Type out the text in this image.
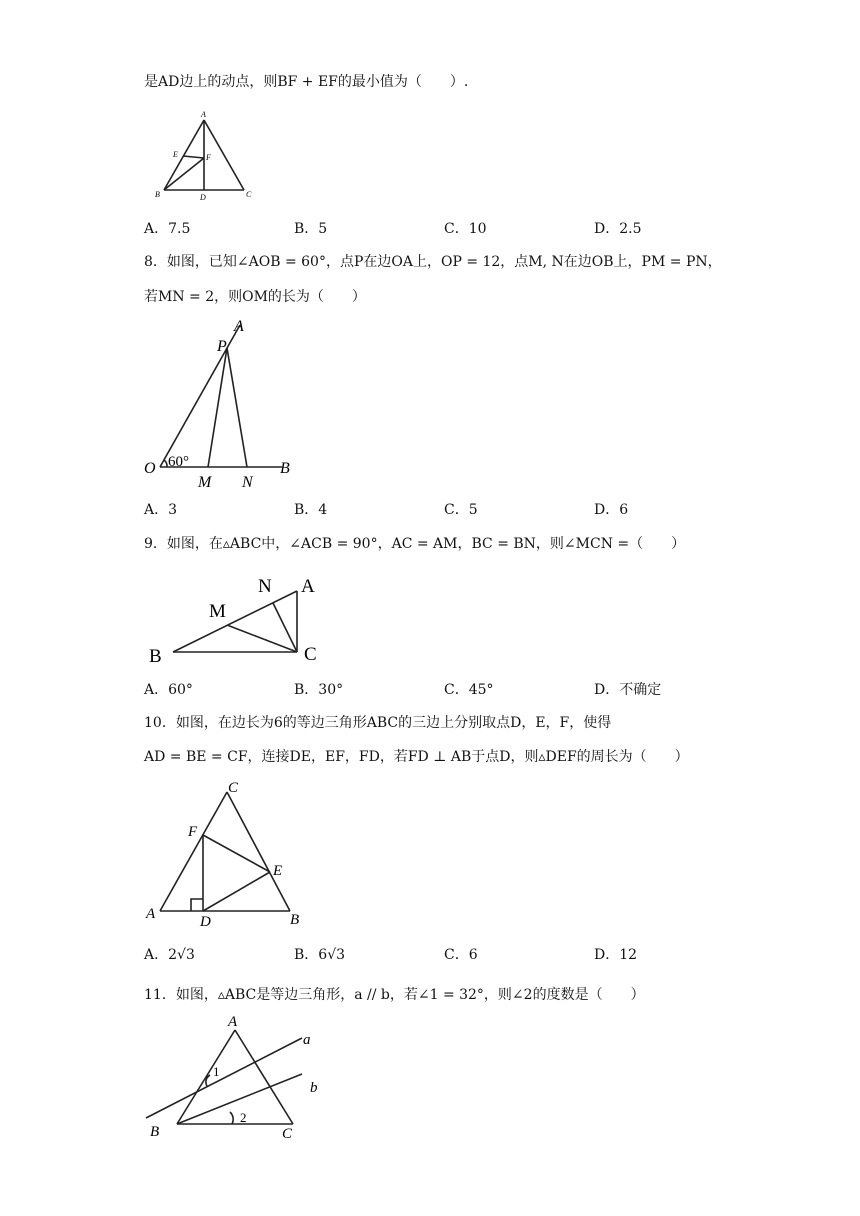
是AD边上的动点，则BF + EF的最小值为（　　）.
A
E	F
B	D	C
A．7.5	B．5	C．10	D．2.5
8．如图，已知∠AOB = 60°，点P在边OA上，OP = 12，点M, N在边OB上，PM = PN，
若MN = 2，则OM的长为（　　）
A
P
O
M N
B
60°
A．3	B．4	C．5	D．6
9．如图，在▵ABC中，∠ACB = 90°，AC = AM，BC = BN，则∠MCN =（　　）
N A
M
B	C
A．60°	B．30°	C．45°	D．不确定
10．如图，在边长为6的等边三角形ABC的三边上分别取点D，E，F，使得
AD = BE = CF，连接DE，EF，FD，若FD ⊥ AB于点D，则▵DEF的周长为（　　）
C
F
E
A	D	B
A．2√3	B．6√3	C．6	D．12
11．如图，▵ABC是等边三角形，a // b，若∠1 = 32°，则∠2的度数是（　　）
A
a
b
B	C
1
2
